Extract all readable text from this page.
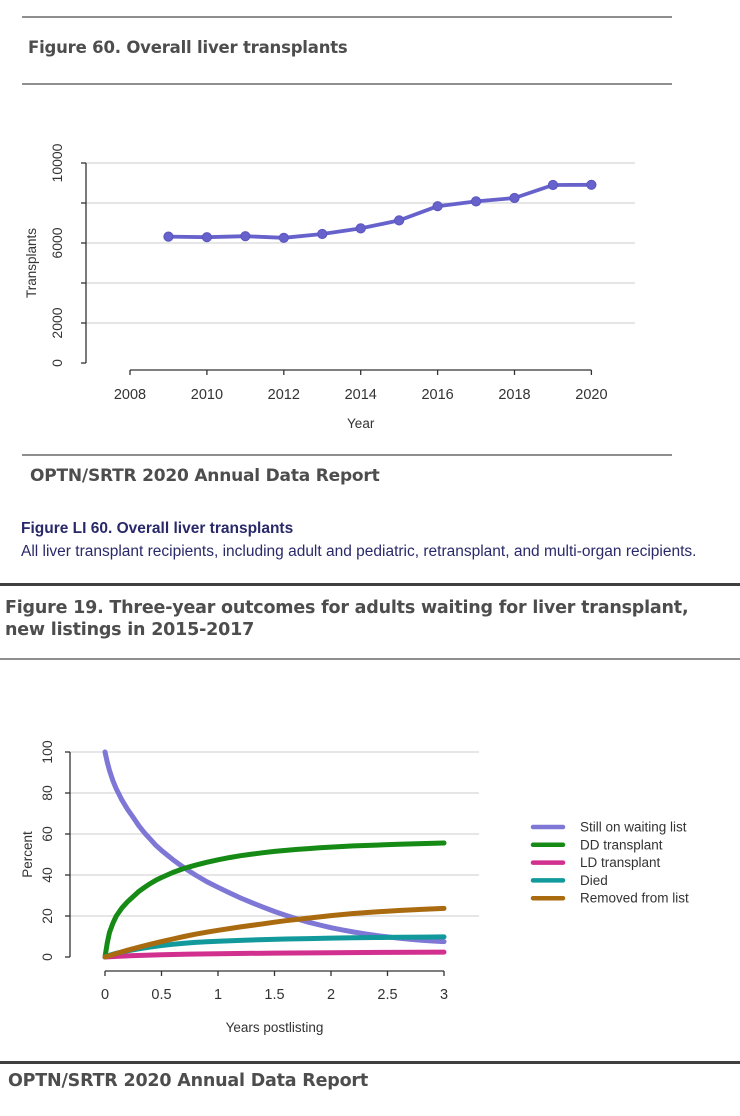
Figure 60. Overall liver transplants
0
2000
6000
10000
2008	2010	2012	2014	2016	2018	2020
Year
Transplants
OPTN/SRTR 2020 Annual Data Report
Figure LI 60. Overall liver transplants
All liver transplant recipients, including adult and pediatric, retransplant, and multi-organ recipients.
Figure 19. Three-year outcomes for adults waiting for liver transplant,
new listings in 2015-2017
0
20
40
60
80
100
0	0.5	1	1.5	2	2.5	3
Years postlisting
Percent
Still on waiting list
DD transplant
LD transplant
Died
Removed from list
OPTN/SRTR 2020 Annual Data Report
